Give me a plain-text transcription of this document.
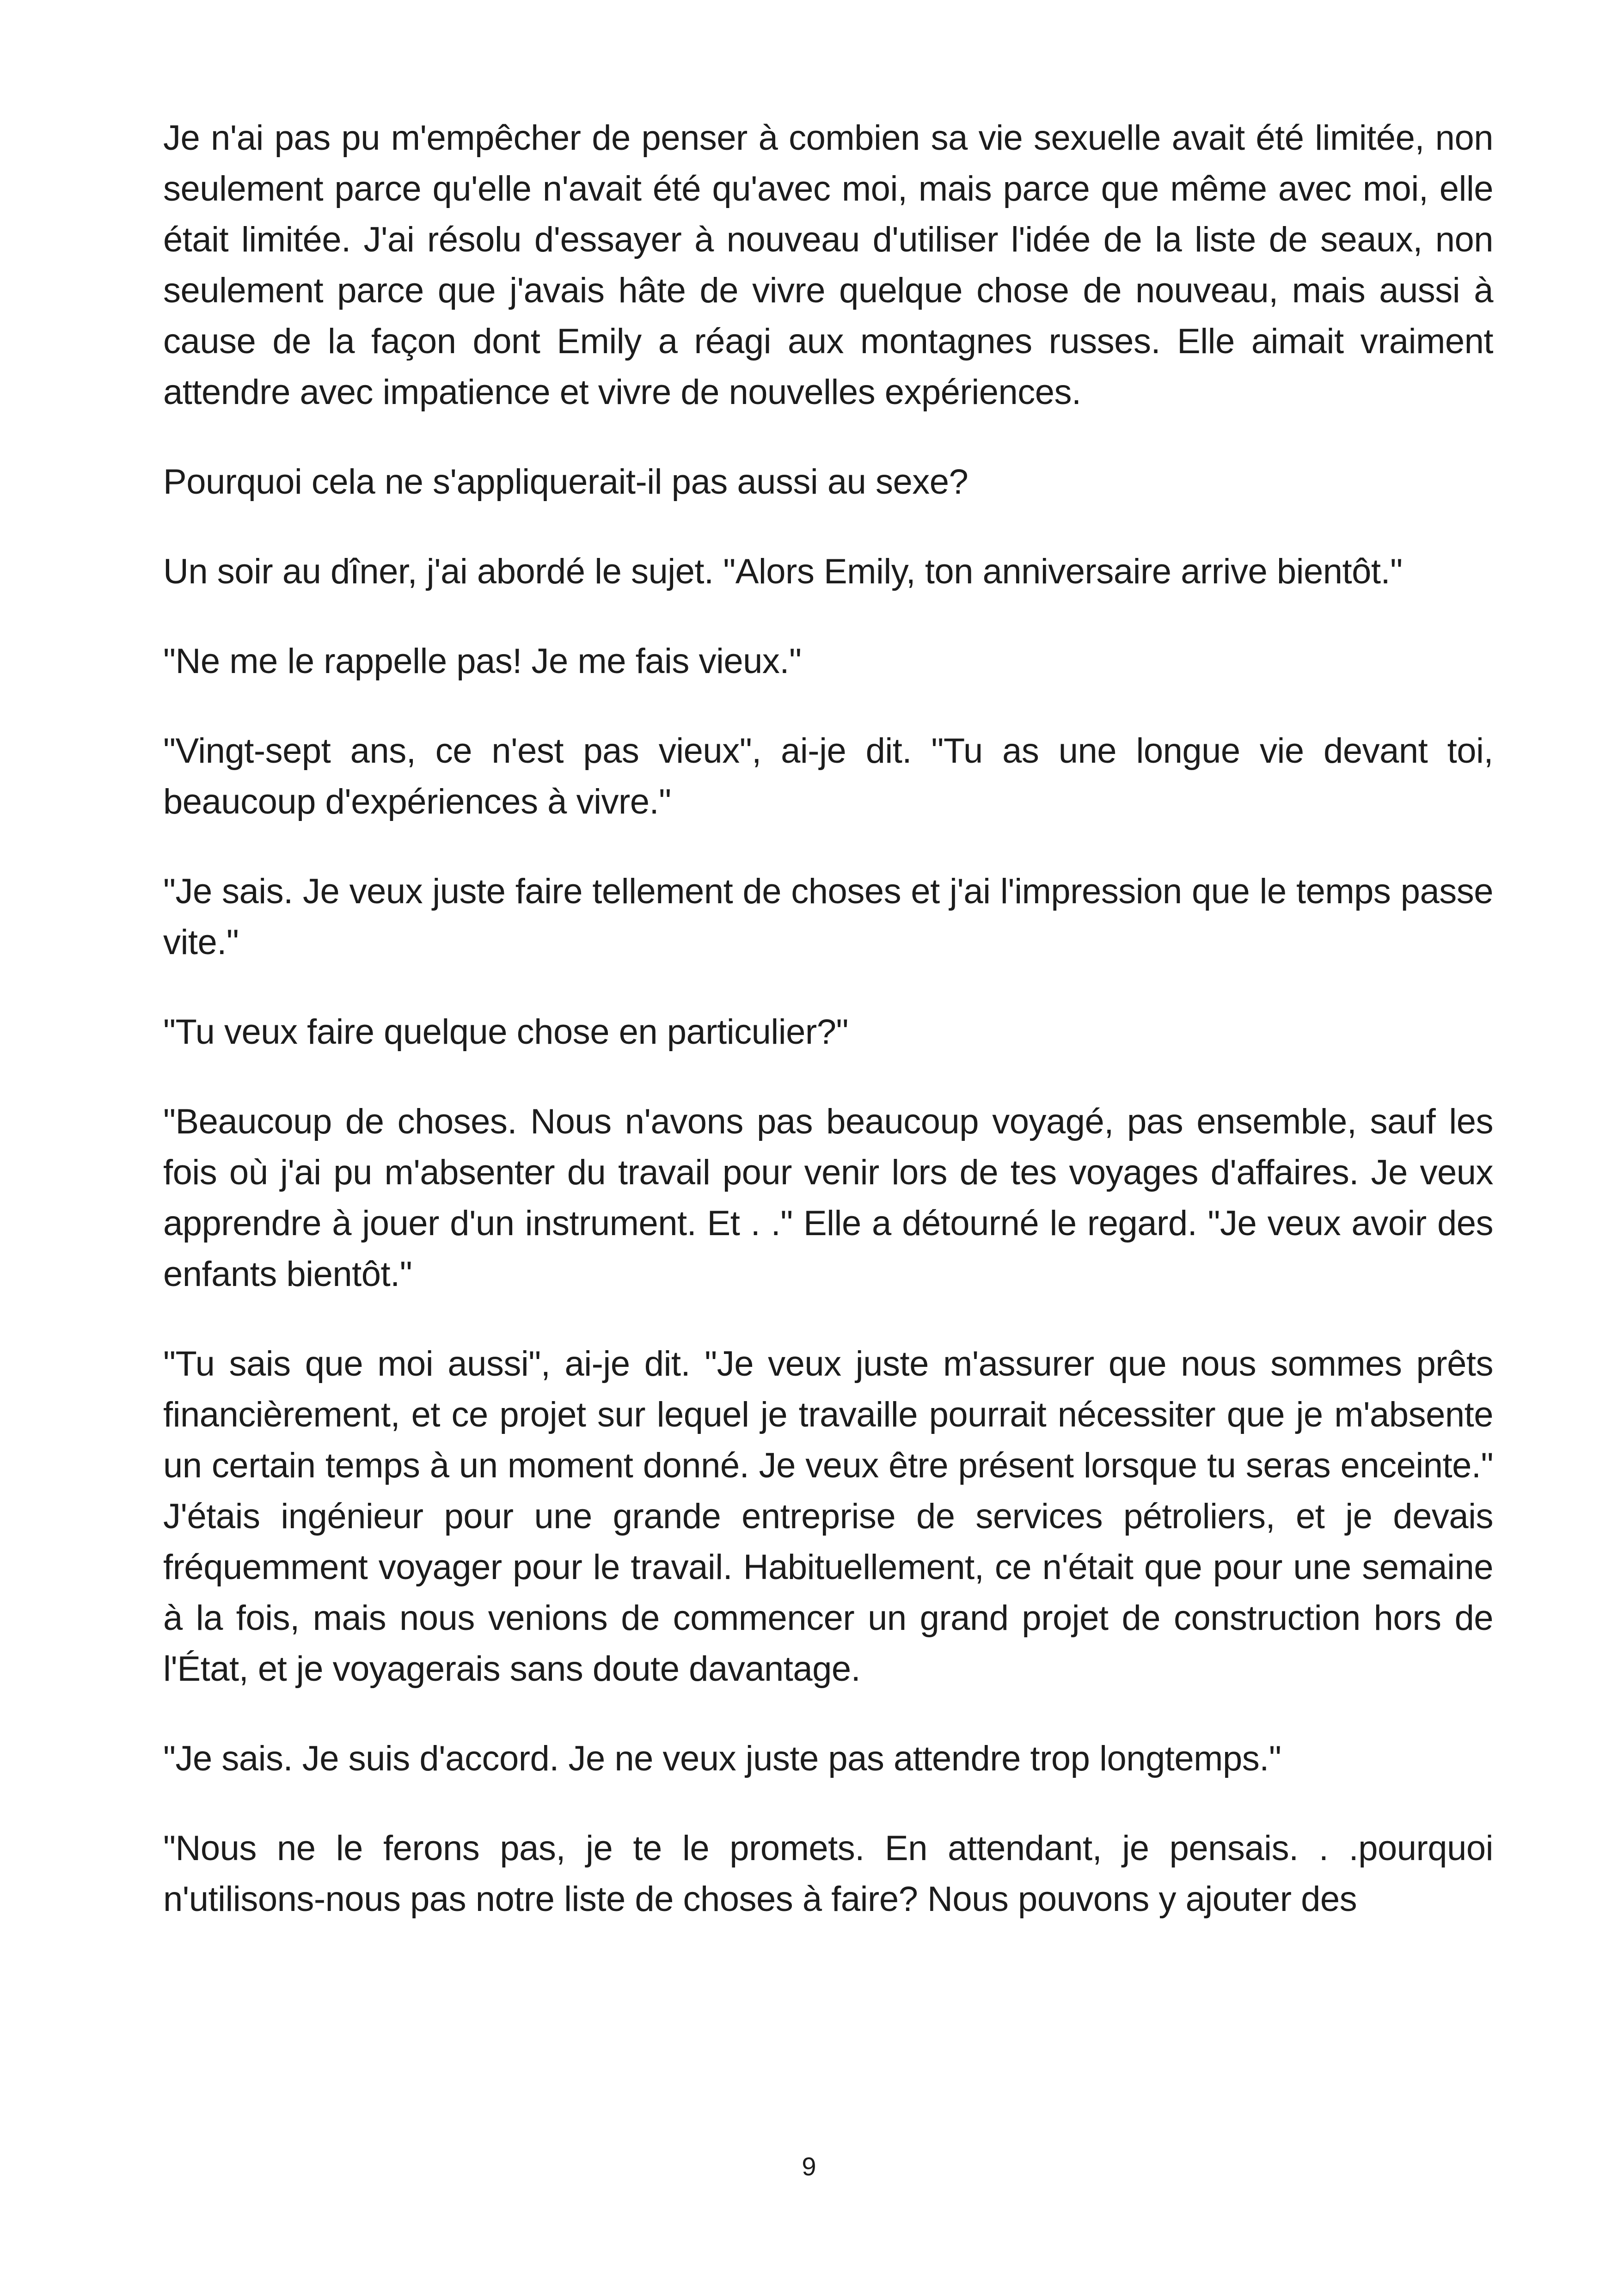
Je n'ai pas pu m'empêcher de penser à combien sa vie sexuelle avait été limitée, non seulement parce qu'elle n'avait été qu'avec moi, mais parce que même avec moi, elle était limitée. J'ai résolu d'essayer à nouveau d'utiliser l'idée de la liste de seaux, non seulement parce que j'avais hâte de vivre quelque chose de nouveau, mais aussi à cause de la façon dont Emily a réagi aux montagnes russes. Elle aimait vraiment attendre avec impatience et vivre de nouvelles expériences.

Pourquoi cela ne s'appliquerait-il pas aussi au sexe?

Un soir au dîner, j'ai abordé le sujet. "Alors Emily, ton anniversaire arrive bientôt."

"Ne me le rappelle pas! Je me fais vieux."

"Vingt-sept ans, ce n'est pas vieux", ai-je dit. "Tu as une longue vie devant toi, beaucoup d'expériences à vivre."

"Je sais. Je veux juste faire tellement de choses et j'ai l'impression que le temps passe vite."

"Tu veux faire quelque chose en particulier?"

"Beaucoup de choses. Nous n'avons pas beaucoup voyagé, pas ensemble, sauf les fois où j'ai pu m'absenter du travail pour venir lors de tes voyages d'affaires. Je veux apprendre à jouer d'un instrument. Et . ." Elle a détourné le regard. "Je veux avoir des enfants bientôt."

"Tu sais que moi aussi", ai-je dit. "Je veux juste m'assurer que nous sommes prêts financièrement, et ce projet sur lequel je travaille pourrait nécessiter que je m'absente un certain temps à un moment donné. Je veux être présent lorsque tu seras enceinte." J'étais ingénieur pour une grande entreprise de services pétroliers, et je devais fréquemment voyager pour le travail. Habituellement, ce n'était que pour une semaine à la fois, mais nous venions de commencer un grand projet de construction hors de l'État, et je voyagerais sans doute davantage.

"Je sais. Je suis d'accord. Je ne veux juste pas attendre trop longtemps."

"Nous ne le ferons pas, je te le promets. En attendant, je pensais. . .pourquoi n'utilisons-nous pas notre liste de choses à faire? Nous pouvons y ajouter des

9
